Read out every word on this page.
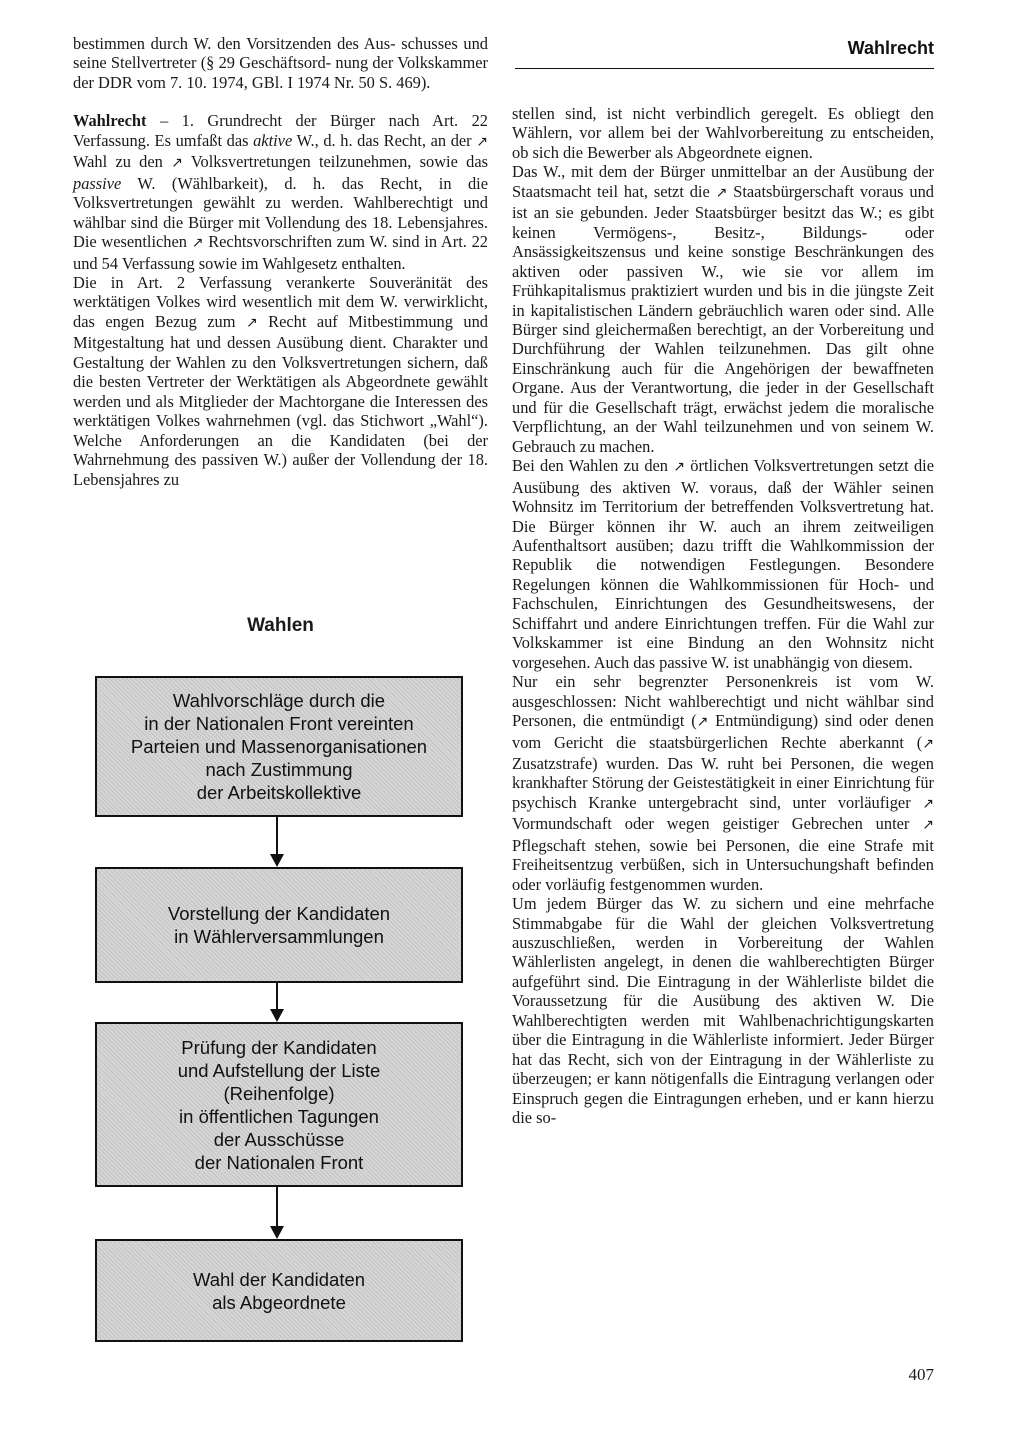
Wahlrecht

bestimmen durch W. den Vorsitzenden des Aus- schusses und seine Stellvertreter (§ 29 Geschäftsord- nung der Volkskammer der DDR vom 7. 10. 1974, GBl. I 1974 Nr. 50 S. 469).

Wahlrecht – 1. Grundrecht der Bürger nach Art. 22 Verfassung. Es umfaßt das aktive W., d. h. das Recht, an der ↗ Wahl zu den ↗ Volksvertretungen teilzunehmen, sowie das passive W. (Wählbarkeit), d. h. das Recht, in die Volksvertretungen gewählt zu werden. Wahlberechtigt und wählbar sind die Bürger mit Vollendung des 18. Lebensjahres. Die wesentlichen ↗ Rechtsvorschriften zum W. sind in Art. 22 und 54 Verfassung sowie im Wahlgesetz enthalten.

Die in Art. 2 Verfassung verankerte Souveränität des werktätigen Volkes wird wesentlich mit dem W. verwirklicht, das engen Bezug zum ↗ Recht auf Mitbestimmung und Mitgestaltung hat und dessen Ausübung dient. Charakter und Gestaltung der Wahlen zu den Volksvertretungen sichern, daß die besten Vertreter der Werktätigen als Abgeordnete gewählt werden und als Mitglieder der Machtorgane die Interessen des werktätigen Volkes wahrnehmen (vgl. das Stichwort „Wahl“). Welche Anforderungen an die Kandidaten (bei der Wahrnehmung des passiven W.) außer der Vollendung der 18. Lebensjahres zu

Wahlen
Wahlvorschläge durch die
in der Nationalen Front vereinten
Parteien und Massenorganisationen
nach Zustimmung
der Arbeitskollektive
Vorstellung der Kandidaten
in Wählerversammlungen
Prüfung der Kandidaten
und Aufstellung der Liste
(Reihenfolge)
in öffentlichen Tagungen
der Ausschüsse
der Nationalen Front
Wahl der Kandidaten
als Abgeordnete

stellen sind, ist nicht verbindlich geregelt. Es obliegt den Wählern, vor allem bei der Wahlvorbereitung zu entscheiden, ob sich die Bewerber als Abgeordnete eignen.

Das W., mit dem der Bürger unmittelbar an der Ausübung der Staatsmacht teil hat, setzt die ↗ Staatsbürgerschaft voraus und ist an sie gebunden. Jeder Staatsbürger besitzt das W.; es gibt keinen Vermögens-, Besitz-, Bildungs- oder Ansässigkeitszensus und keine sonstige Beschränkungen des aktiven oder passiven W., wie sie vor allem im Frühkapitalismus praktiziert wurden und bis in die jüngste Zeit in kapitalistischen Ländern gebräuchlich waren oder sind. Alle Bürger sind gleichermaßen berechtigt, an der Vorbereitung und Durchführung der Wahlen teilzunehmen. Das gilt ohne Einschränkung auch für die Angehörigen der bewaffneten Organe. Aus der Verantwortung, die jeder in der Gesellschaft und für die Gesellschaft trägt, erwächst jedem die moralische Verpflichtung, an der Wahl teilzunehmen und von seinem W. Gebrauch zu machen.

Bei den Wahlen zu den ↗ örtlichen Volksvertretungen setzt die Ausübung des aktiven W. voraus, daß der Wähler seinen Wohnsitz im Territorium der betreffenden Volksvertretung hat. Die Bürger können ihr W. auch an ihrem zeitweiligen Aufenthaltsort ausüben; dazu trifft die Wahlkommission der Republik die notwendigen Festlegungen. Besondere Regelungen können die Wahlkommissionen für Hoch- und Fachschulen, Einrichtungen des Gesundheitswesens, der Schiffahrt und andere Einrichtungen treffen. Für die Wahl zur Volkskammer ist eine Bindung an den Wohnsitz nicht vorgesehen. Auch das passive W. ist unabhängig von diesem.

Nur ein sehr begrenzter Personenkreis ist vom W. ausgeschlossen: Nicht wahlberechtigt und nicht wählbar sind Personen, die entmündigt (↗ Entmündigung) sind oder denen vom Gericht die staatsbürgerlichen Rechte aberkannt (↗ Zusatzstrafe) wurden. Das W. ruht bei Personen, die wegen krankhafter Störung der Geistestätigkeit in einer Einrichtung für psychisch Kranke untergebracht sind, unter vorläufiger ↗ Vormundschaft oder wegen geistiger Gebrechen unter ↗ Pflegschaft stehen, sowie bei Personen, die eine Strafe mit Freiheitsentzug verbüßen, sich in Untersuchungshaft befinden oder vorläufig festgenommen wurden.

Um jedem Bürger das W. zu sichern und eine mehrfache Stimmabgabe für die Wahl der gleichen Volksvertretung auszuschließen, werden in Vorbereitung der Wahlen Wählerlisten angelegt, in denen die wahlberechtigten Bürger aufgeführt sind. Die Eintragung in der Wählerliste bildet die Voraussetzung für die Ausübung des aktiven W. Die Wahlberechtigten werden mit Wahlbenachrichtigungskarten über die Eintragung in die Wählerliste informiert. Jeder Bürger hat das Recht, sich von der Eintragung in der Wählerliste zu überzeugen; er kann nötigenfalls die Eintragung verlangen oder Einspruch gegen die Eintragungen erheben, und er kann hierzu die so-

407
